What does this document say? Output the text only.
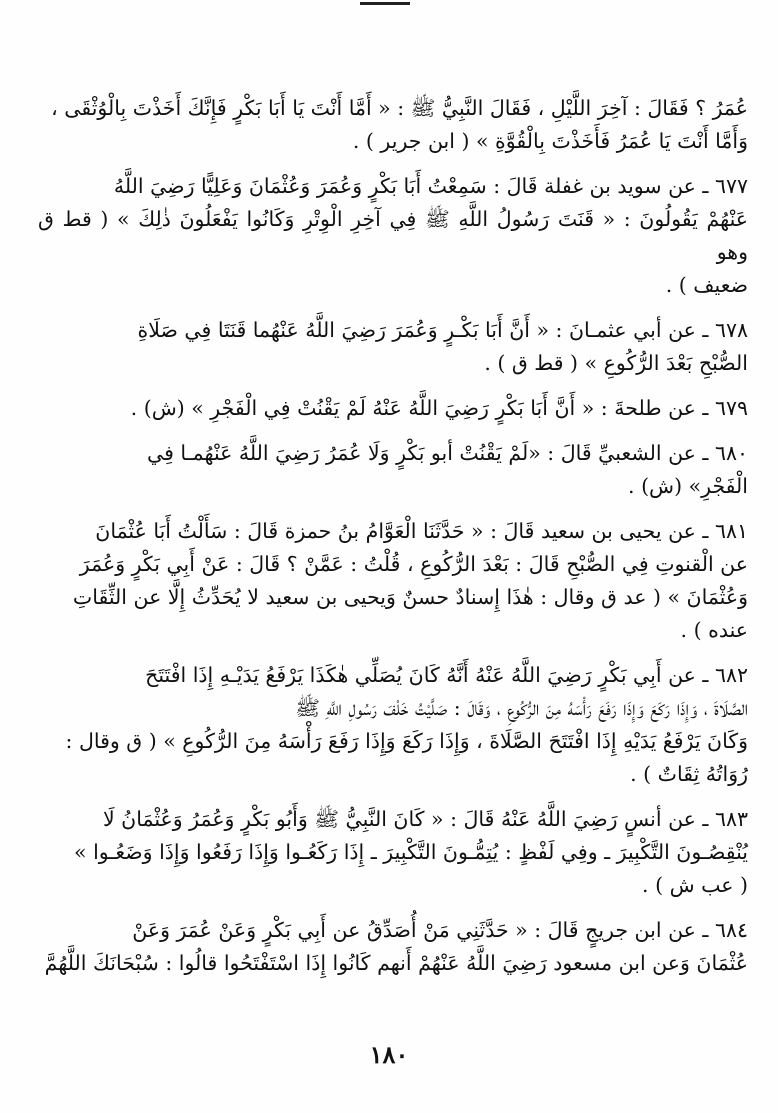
عُمَرُ ؟ فَقَالَ : آخِرَ اللَّيْلِ ، فَقَالَ النَّبِيُّ ﷺ : « أَمَّا أَنْتَ يَا أَبَا بَكْرٍ فَإِنَّكَ أَخَذْتَ بِالْوُثْقَى ،
وَأَمَّا أَنْتَ يَا عُمَرُ فَأَخَذْتَ بِالْقُوَّةِ » ( ابن جرير ) .

٦٧٧ ـ عن سويد بن غفلة قَالَ : سَمِعْتُ أَبَا بَكْرٍ وَعُمَرَ وَعُثْمَانَ وَعَلِيًّا رَضِيَ اللَّهُ
عَنْهُمْ يَقُولُونَ : « قَنَتَ رَسُولُ اللَّهِ ﷺ فِي آخِرِ الْوِتْرِ وَكَانُوا يَفْعَلُونَ ذٰلِكَ » ( قط ق وهو
ضعيف ) .

٦٧٨ ـ عن أبي عثمـانَ : « أَنَّ أَبَا بَكْـرٍ وَعُمَرَ رَضِيَ اللَّهُ عَنْهُما قَنَتَا فِي صَلَاةِ
الصُّبْحِ بَعْدَ الرُّكُوعِ » ( قط ق ) .

٦٧٩ ـ عن طلحةَ : « أَنَّ أَبَا بَكْرٍ رَضِيَ اللَّهُ عَنْهُ لَمْ يَقْنُتْ فِي الْفَجْرِ » (ش) .

٦٨٠ ـ عن الشعبيِّ قَالَ : «لَمْ يَقْنُتْ أبو بَكْرٍ وَلَا عُمَرُ رَضِيَ اللَّهُ عَنْهُمـا فِي
الْفَجْرِ» (ش) .

٦٨١ ـ عن يحيى بن سعيد قَالَ : « حَدَّثَنَا الْعَوَّامُ بنُ حمزة قَالَ : سَأَلْتُ أَبَا عُثْمَانَ
عن الْقنوتِ فِي الصُّبْحِ قَالَ : بَعْدَ الرُّكُوعِ ، قُلْتُ : عَمَّنْ ؟ قَالَ : عَنْ أَبِي بَكْرٍ وَعُمَرَ
وَعُثْمَانَ » ( عد ق وقال : هٰذَا إِسنادٌ حسنٌ وَيحيى بن سعيد لا يُحَدِّثُ إِلَّا عن الثِّقَاتِ
عنده ) .

٦٨٢ ـ عن أَبِي بَكْرٍ رَضِيَ اللَّهُ عَنْهُ أَنَّهُ كَانَ يُصَلِّي هٰكَذَا يَرْفَعُ يَدَيْـهِ إِذَا افْتَتَحَ
الصَّلَاةَ ، وَإِذَا رَكَعَ وَإِذَا رَفَعَ رَأْسَهُ مِنَ الرُّكُوعِ ، وَقَالَ : صَلَّيْتُ خَلْفَ رَسُولِ اللَّهِ ﷺ
وَكَانَ يَرْفَعُ يَدَيْهِ إِذَا افْتَتَحَ الصَّلَاةَ ، وَإِذَا رَكَعَ وَإِذَا رَفَعَ رَأْسَهُ مِنَ الرُّكُوعِ » ( ق وقال :
رُوَاتُهُ ثِقَاتٌ ) .

٦٨٣ ـ عن أنسٍ رَضِيَ اللَّهُ عَنْهُ قَالَ : « كَانَ النَّبِيُّ ﷺ وَأَبُو بَكْرٍ وَعُمَرُ وَعُثْمَانُ لَا
يُنْقِصُـونَ التَّكْبِيرَ ـ وفِي لَفْظٍ : يُتِمُّـونَ التَّكْبِيرَ ـ إِذَا رَكَعُـوا وَإِذَا رَفَعُوا وَإِذَا وَضَعُـوا »
( عب ش ) .

٦٨٤ ـ عن ابن جريجٍ قَالَ : « حَدَّثَنِي مَنْ أُصَدِّقُ عن أَبِي بَكْرٍ وَعَنْ عُمَرَ وَعَنْ
عُثْمَانَ وَعن ابن مسعود رَضِيَ اللَّهُ عَنْهُمْ أَنهم كَانُوا إِذَا اسْتَفْتَحُوا قالُوا : سُبْحَانَكَ اللَّهُمَّ

١٨٠
